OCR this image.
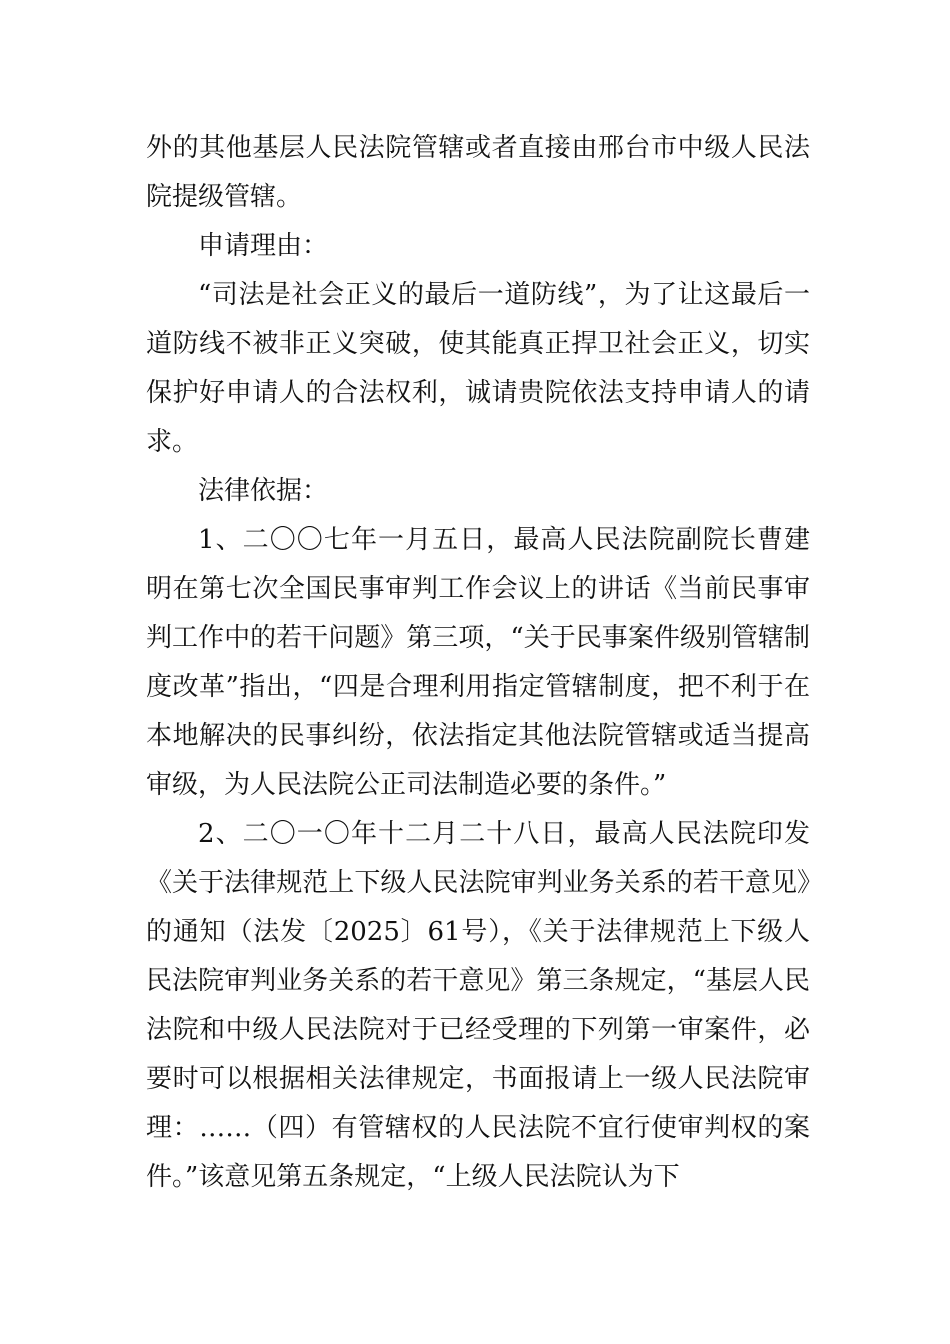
外的其他基层人民法院管辖或者直接由邢台市中级人民法院提级管辖。

申请理由：

“司法是社会正义的最后一道防线”，为了让这最后一道防线不被非正义突破，使其能真正捍卫社会正义，切实保护好申请人的合法权利，诚请贵院依法支持申请人的请求。

法律依据：

1、二〇〇七年一月五日，最高人民法院副院长曹建明在第七次全国民事审判工作会议上的讲话《当前民事审判工作中的若干问题》第三项，“关于民事案件级别管辖制度改革”指出，“四是合理利用指定管辖制度，把不利于在本地解决的民事纠纷，依法指定其他法院管辖或适当提高审级，为人民法院公正司法制造必要的条件。”

2、二〇一〇年十二月二十八日，最高人民法院印发《关于法律规范上下级人民法院审判业务关系的若干意见》的通知（法发〔2025〕61号），《关于法律规范上下级人民法院审判业务关系的若干意见》第三条规定，“基层人民法院和中级人民法院对于已经受理的下列第一审案件，必要时可以根据相关法律规定，书面报请上一级人民法院审理：……（四）有管辖权的人民法院不宜行使审判权的案件。”该意见第五条规定，“上级人民法院认为下
